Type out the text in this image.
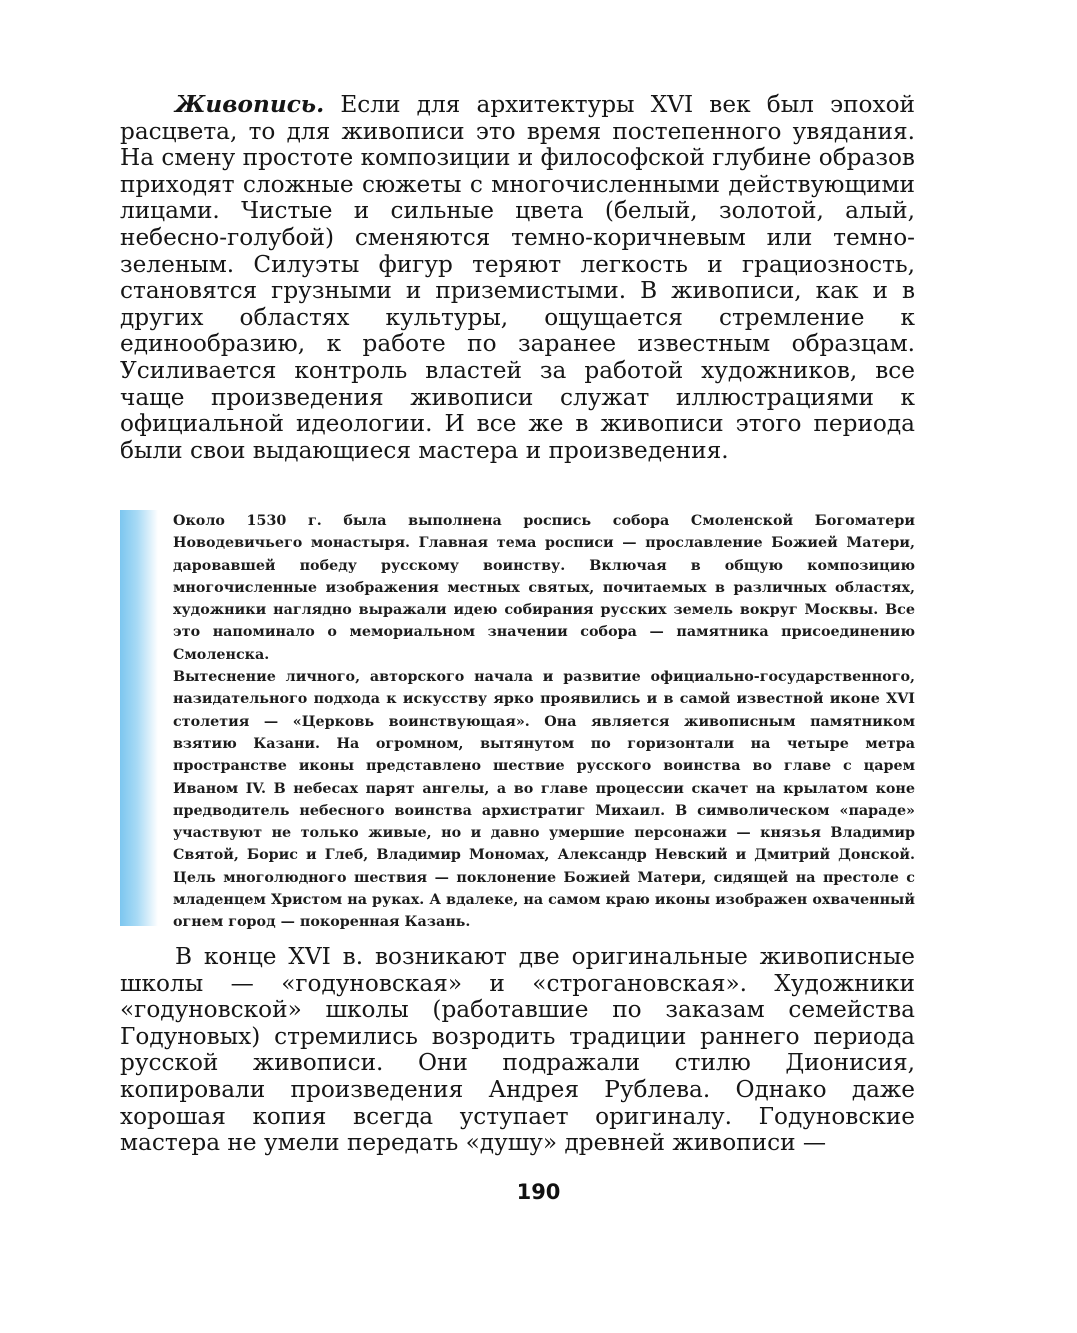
Живопись. Если для архитектуры XVI век был эпохой расцвета, то для живописи это время постепенного увядания. На смену простоте композиции и философской глубине образов приходят сложные сюжеты с многочисленными действующими лицами. Чистые и сильные цвета (белый, золотой, алый, небесно-голубой) сменяются темно-коричневым или темно-зеленым. Силуэты фигур теряют легкость и грациозность, становятся грузными и приземистыми. В живописи, как и в других областях культуры, ощущается стремление к единообразию, к работе по заранее известным образцам. Усиливается контроль властей за работой художников, все чаще произведения живописи служат иллюстрациями к официальной идеологии. И все же в живописи этого периода были свои выдающиеся мастера и произведения.

Около 1530 г. была выполнена роспись собора Смоленской Богоматери Новодевичьего монастыря. Главная тема росписи — прославление Божией Матери, даровавшей победу русскому воинству. Включая в общую композицию многочисленные изображения местных святых, почитаемых в различных областях, художники наглядно выражали идею собирания русских земель вокруг Москвы. Все это напоминало о мемориальном значении собора — памятника присоединению Смоленска.

Вытеснение личного, авторского начала и развитие официально-государственного, назидательного подхода к искусству ярко проявились и в самой известной иконе XVI столетия — «Церковь воинствующая». Она является живописным памятником взятию Казани. На огромном, вытянутом по горизонтали на четыре метра пространстве иконы представлено шествие русского воинства во главе с царем Иваном IV. В небесах парят ангелы, а во главе процессии скачет на крылатом коне предводитель небесного воинства архистратиг Михаил. В символическом «параде» участвуют не только живые, но и давно умершие персонажи — князья Владимир Святой, Борис и Глеб, Владимир Мономах, Александр Невский и Дмитрий Донской. Цель многолюдного шествия — поклонение Божией Матери, сидящей на престоле с младенцем Христом на руках. А вдалеке, на самом краю иконы изображен охваченный огнем город — покоренная Казань.

В конце XVI в. возникают две оригинальные живописные школы — «годуновская» и «строгановская». Художники «годуновской» школы (работавшие по заказам семейства Годуновых) стремились возродить традиции раннего периода русской живописи. Они подражали стилю Дионисия, копировали произведения Андрея Рублева. Однако даже хорошая копия всегда уступает оригиналу. Годуновские мастера не умели передать «душу» древней живописи —

190
